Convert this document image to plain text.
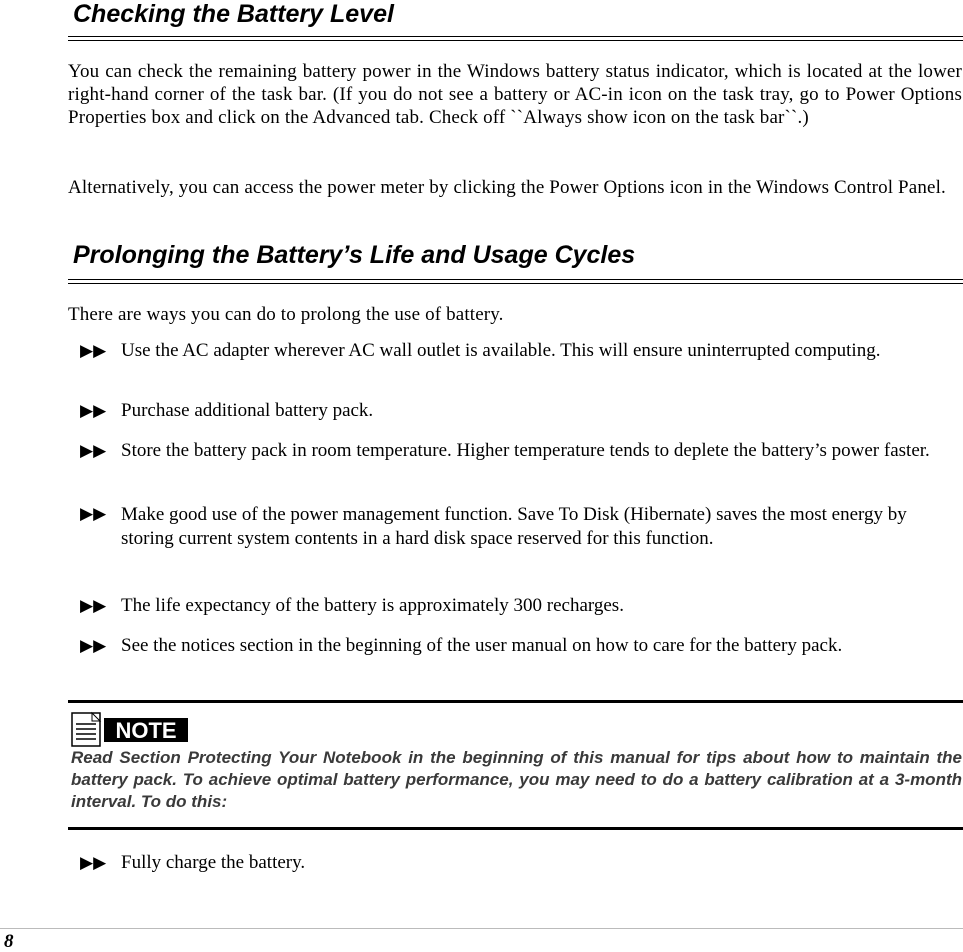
Checking the Battery Level

You can check the remaining battery power in the Windows battery status indicator, which is located at the lower right-hand corner of the task bar. (If you do not see a battery or AC-in icon on the task tray, go to Power Options Properties box and click on the Advanced tab. Check off ``Always show icon on the task bar``.)

Alternatively, you can access the power meter by clicking the Power Options icon in the Windows Control Panel.

Prolonging the Battery’s Life and Usage Cycles

There are ways you can do to prolong the use of battery.

▶▶ Use the AC adapter wherever AC wall outlet is available. This will ensure uninterrupted computing.

▶▶ Purchase additional battery pack.

▶▶ Store the battery pack in room temperature. Higher temperature tends to deplete the battery’s power faster.

▶▶ Make good use of the power management function. Save To Disk (Hibernate) saves the most energy by storing current system contents in a hard disk space reserved for this function.

▶▶ The life expectancy of the battery is approximately 300 recharges.

▶▶ See the notices section in the beginning of the user manual on how to care for the battery pack.

NOTE

Read Section Protecting Your Notebook in the beginning of this manual for tips about how to maintain the battery pack. To achieve optimal battery performance, you may need to do a battery calibration at a 3-month interval. To do this:

▶▶ Fully charge the battery.

8
